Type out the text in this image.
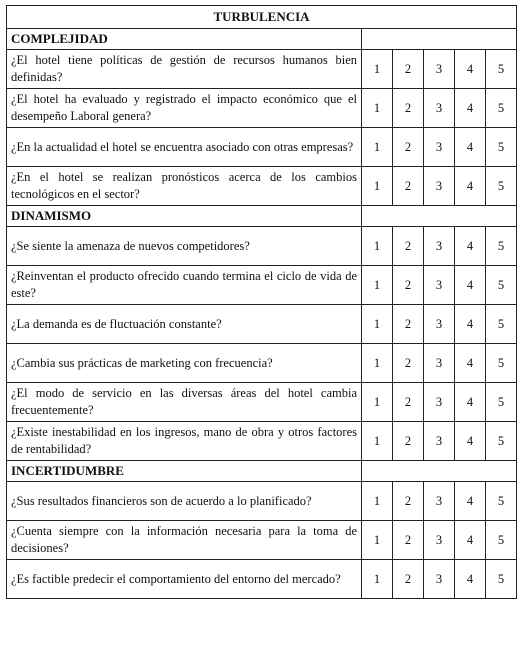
TURBULENCIA					
COMPLEJIDAD					
¿El hotel tiene políticas de gestión de recursos humanos bien definidas?	1	2	3	4	5
¿El hotel ha evaluado y registrado el impacto económico que el desempeño Laboral genera?	1	2	3	4	5
¿En la actualidad el hotel se encuentra asociado con otras empresas?	1	2	3	4	5
¿En el hotel se realizan pronósticos acerca de los cambios tecnológicos en el sector?	1	2	3	4	5
DINAMISMO					
¿Se siente la amenaza de nuevos competidores?	1	2	3	4	5
¿Reinventan el producto ofrecido cuando termina el ciclo de vida de este?	1	2	3	4	5
¿La demanda es de fluctuación constante?	1	2	3	4	5
¿Cambia sus prácticas de marketing con frecuencia?	1	2	3	4	5
¿El modo de servicio en las diversas áreas del hotel cambia frecuentemente?	1	2	3	4	5
¿Existe inestabilidad en los ingresos, mano de obra y otros factores de rentabilidad?	1	2	3	4	5
INCERTIDUMBRE					
¿Sus resultados financieros son de acuerdo a lo planificado?	1	2	3	4	5
¿Cuenta siempre con la información necesaria para la toma de decisiones?	1	2	3	4	5
¿Es factible predecir el comportamiento del entorno del mercado?	1	2	3	4	5
